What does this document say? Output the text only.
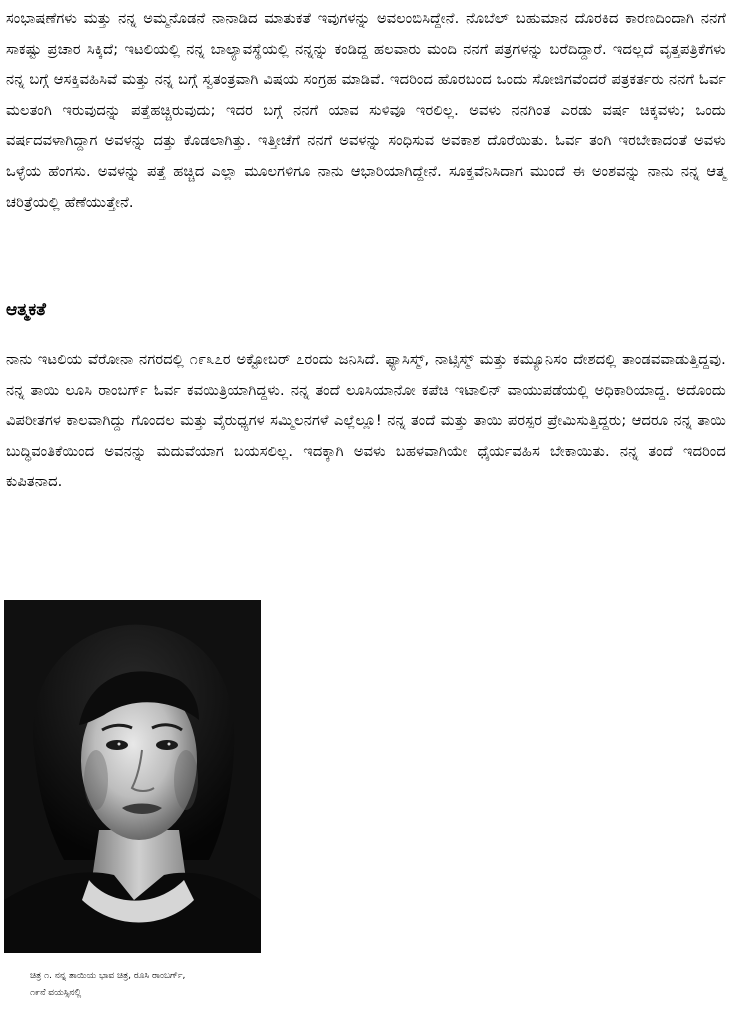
ಸಂಭಾಷಣೆಗಳು ಮತ್ತು ನನ್ನ ಅಮ್ಮನೊಡನೆ ನಾನಾಡಿದ ಮಾತುಕತೆ ಇವುಗಳನ್ನು ಅವಲಂಬಿಸಿದ್ದೇನೆ. ನೊಬೆಲ್ ಬಹುಮಾನ ದೊರಕಿದ ಕಾರಣದಿಂದಾಗಿ ನನಗೆ ಸಾಕಷ್ಟು ಪ್ರಚಾರ ಸಿಕ್ಕಿದೆ; ಇಟಲಿಯಲ್ಲಿ ನನ್ನ ಬಾಲ್ಯಾವಸ್ಥೆಯಲ್ಲಿ ನನ್ನನ್ನು ಕಂಡಿದ್ದ ಹಲವಾರು ಮಂದಿ ನನಗೆ ಪತ್ರಗಳನ್ನು ಬರೆದಿದ್ದಾರೆ. ಇದಲ್ಲದೆ ವೃತ್ತಪತ್ರಿಕೆಗಳು ನನ್ನ ಬಗ್ಗೆ ಆಸಕ್ತಿವಹಿಸಿವೆ ಮತ್ತು ನನ್ನ ಬಗ್ಗೆ ಸ್ವತಂತ್ರವಾಗಿ ವಿಷಯ ಸಂಗ್ರಹ ಮಾಡಿವೆ. ಇದರಿಂದ ಹೊರಬಂದ ಒಂದು ಸೋಜಿಗವೆಂದರೆ ಪತ್ರಕರ್ತರು ನನಗೆ ಓರ್ವ ಮಲತಂಗಿ ಇರುವುದನ್ನು ಪತ್ತೆಹಚ್ಚಿರುವುದು; ಇದರ ಬಗ್ಗೆ ನನಗೆ ಯಾವ ಸುಳಿವೂ ಇರಲಿಲ್ಲ. ಅವಳು ನನಗಿಂತ ಎರಡು ವರ್ಷ ಚಿಕ್ಕವಳು; ಒಂದು ವರ್ಷದವಳಾಗಿದ್ದಾಗ ಅವಳನ್ನು ದತ್ತು ಕೊಡಲಾಗಿತ್ತು. ಇತ್ತೀಚೆಗೆ ನನಗೆ ಅವಳನ್ನು ಸಂಧಿಸುವ ಅವಕಾಶ ದೊರೆಯಿತು. ಓರ್ವ ತಂಗಿ ಇರಬೇಕಾದಂತೆ ಅವಳು ಒಳ್ಳೆಯ ಹೆಂಗಸು. ಅವಳನ್ನು ಪತ್ತೆ ಹಚ್ಚಿದ ಎಲ್ಲಾ ಮೂಲಗಳಿಗೂ ನಾನು ಆಭಾರಿಯಾಗಿದ್ದೇನೆ. ಸೂಕ್ತವೆನಿಸಿದಾಗ ಮುಂದೆ ಈ ಅಂಶವನ್ನು ನಾನು ನನ್ನ ಆತ್ಮ ಚರಿತ್ರೆಯಲ್ಲಿ ಹೆಣೆಯುತ್ತೇನೆ.

ಆತ್ಮಕತೆ

ನಾನು ಇಟಲಿಯ ವೆರೋನಾ ನಗರದಲ್ಲಿ ೧೯೩೭ರ ಅಕ್ಟೋಬರ್ ೭ರಂದು ಜನಿಸಿದೆ. ಫ್ಯಾಸಿಸ್ಮ್, ನಾಟ್ಸಿಸ್ಮ್ ಮತ್ತು ಕಮ್ಯೂನಿಸಂ ದೇಶದಲ್ಲಿ ತಾಂಡವವಾಡುತ್ತಿದ್ದವು. ನನ್ನ ತಾಯಿ ಲೂಸಿ ರಾಂಬರ್ಗ್ ಓರ್ವ ಕವಯಿತ್ರಿಯಾಗಿದ್ದಳು. ನನ್ನ ತಂದೆ ಲೂಸಿಯಾನೋ ಕಪೆಚಿ ಇಟಾಲಿನ್ ವಾಯುಪಡೆಯಲ್ಲಿ ಅಧಿಕಾರಿಯಾದ್ದ. ಅದೊಂದು ವಿಪರೀತಗಳ ಕಾಲವಾಗಿದ್ದು ಗೊಂದಲ ಮತ್ತು ವೈರುಧ್ಯಗಳ ಸಮ್ಮಿಲನಗಳೆ ಎಲ್ಲೆಲ್ಲೂ! ನನ್ನ ತಂದೆ ಮತ್ತು ತಾಯಿ ಪರಸ್ಪರ ಪ್ರೇಮಿಸುತ್ತಿದ್ದರು; ಆದರೂ ನನ್ನ ತಾಯಿ ಬುದ್ಧಿವಂತಿಕೆಯಿಂದ ಅವನನ್ನು ಮದುವೆಯಾಗ ಬಯಸಲಿಲ್ಲ. ಇದಕ್ಕಾಗಿ ಅವಳು ಬಹಳವಾಗಿಯೇ ಧೈರ್ಯವಹಿಸ ಬೇಕಾಯಿತು. ನನ್ನ ತಂದೆ ಇದರಿಂದ ಕುಪಿತನಾದ.

ಚಿತ್ರ ೧. ನನ್ನ ತಾಯಿಯ ಭಾವ ಚಿತ್ರ, ರೂಸಿ ರಾಂಬರ್ಗ್,
೧೯ನೆ ವಯಸ್ಸಿನಲ್ಲಿ
